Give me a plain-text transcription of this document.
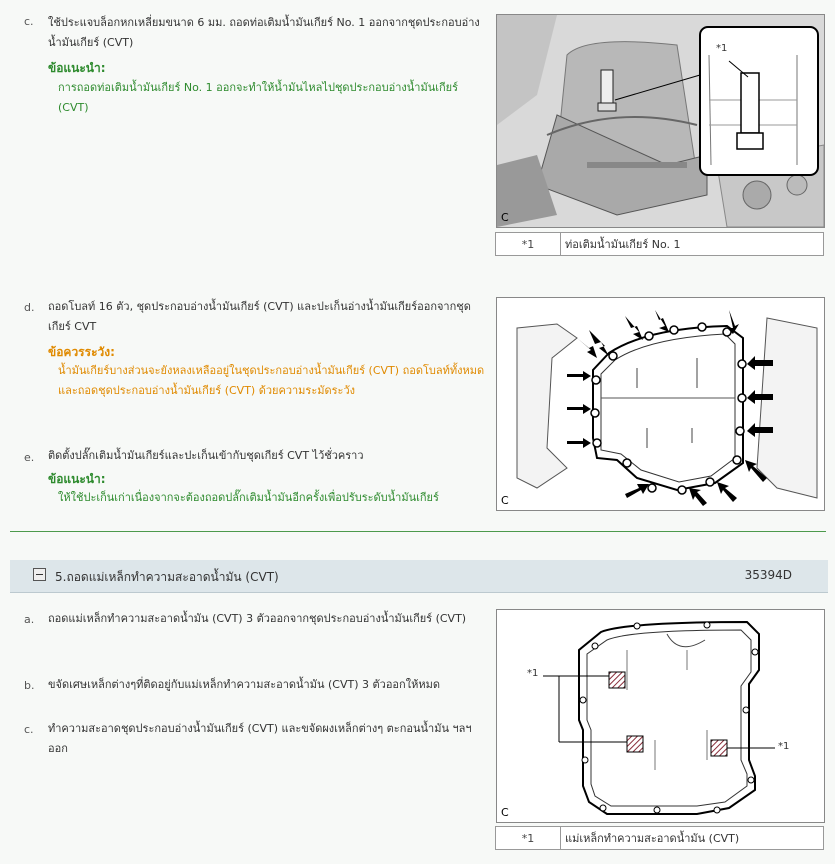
c. ใช้ประแจบล็อกหกเหลี่ยมขนาด 6 มม. ถอดท่อเติมน้ำมันเกียร์ No. 1 ออกจากชุดประกอบอ่างน้ำมันเกียร์ (CVT)
ข้อแนะนำ:
การถอดท่อเติมน้ำมันเกียร์ No. 1 ออกจะทำให้น้ำมันไหลไปชุดประกอบอ่างน้ำมันเกียร์ (CVT)
*1
C
*1	ท่อเติมน้ำมันเกียร์ No. 1
d. ถอดโบลท์ 16 ตัว, ชุดประกอบอ่างน้ำมันเกียร์ (CVT) และปะเก็นอ่างน้ำมันเกียร์ออกจากชุดเกียร์ CVT
ข้อควรระวัง:
น้ำมันเกียร์บางส่วนจะยังหลงเหลืออยู่ในชุดประกอบอ่างน้ำมันเกียร์ (CVT) ถอดโบลท์ทั้งหมด และถอดชุดประกอบอ่างน้ำมันเกียร์ (CVT) ด้วยความระมัดระวัง
C
e. ติดตั้งปลั๊กเติมน้ำมันเกียร์และปะเก็นเข้ากับชุดเกียร์ CVT ไว้ชั่วคราว
ข้อแนะนำ:
ให้ใช้ปะเก็นเก่าเนื่องจากจะต้องถอดปลั๊กเติมน้ำมันอีกครั้งเพื่อปรับระดับน้ำมันเกียร์
5.ถอดแม่เหล็กทำความสะอาดน้ำมัน (CVT)	35394D
a. ถอดแม่เหล็กทำความสะอาดน้ำมัน (CVT) 3 ตัวออกจากชุดประกอบอ่างน้ำมันเกียร์ (CVT)
b. ขจัดเศษเหล็กต่างๆที่ติดอยู่กับแม่เหล็กทำความสะอาดน้ำมัน (CVT) 3 ตัวออกให้หมด
c. ทำความสะอาดชุดประกอบอ่างน้ำมันเกียร์ (CVT) และขจัดผงเหล็กต่างๆ ตะกอนน้ำมัน ฯลฯ ออก
*1
*1
C
*1	แม่เหล็กทำความสะอาดน้ำมัน (CVT)
